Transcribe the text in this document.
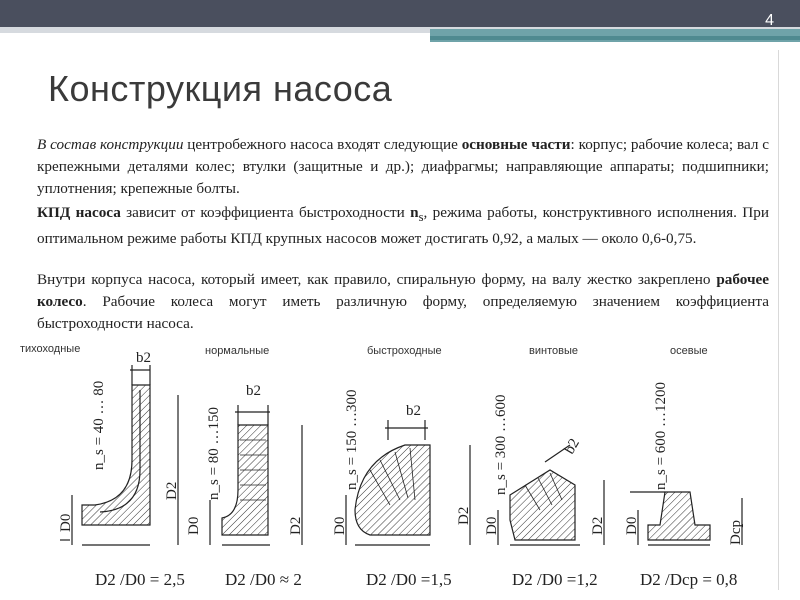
4
Конструкция насоса

В состав конструкции центробежного насоса входят следующие основные части: корпус; рабочие колеса; вал с крепежными деталями колес; втулки (защитные и др.); диафрагмы; направляющие аппараты; подшипники; уплотнения; крепежные болты.

КПД насоса зависит от коэффициента быстроходности $n_s$, режима работы, конструктивного исполнения. При оптимальном режиме работы КПД крупных насосов может достигать 0,92, а малых — около 0,6-0,75.

Внутри корпуса насоса, который имеет, как правило, спиральную форму, на валу жестко закреплено рабочее колесо. Рабочие колеса могут иметь различную форму, определяемую значением коэффициента быстроходности насоса.

тихоходные	нормальные	быстроходные	винтовые	осевые
D2 /D0 = 2,5 D2 /D0 ≈ 2	D2 /D0 =1,5	D2 /D0 =1,2 D2 /Dср = 0,8
n_s = 40 … 80	n_s = 80 …150	n_s = 150 …300	n_s = 300 …600	n_s = 600 …1200
b2
b2
b2
b2
D0	D0	D0	D0	D0
D2
D2
D2
D2	Dср
